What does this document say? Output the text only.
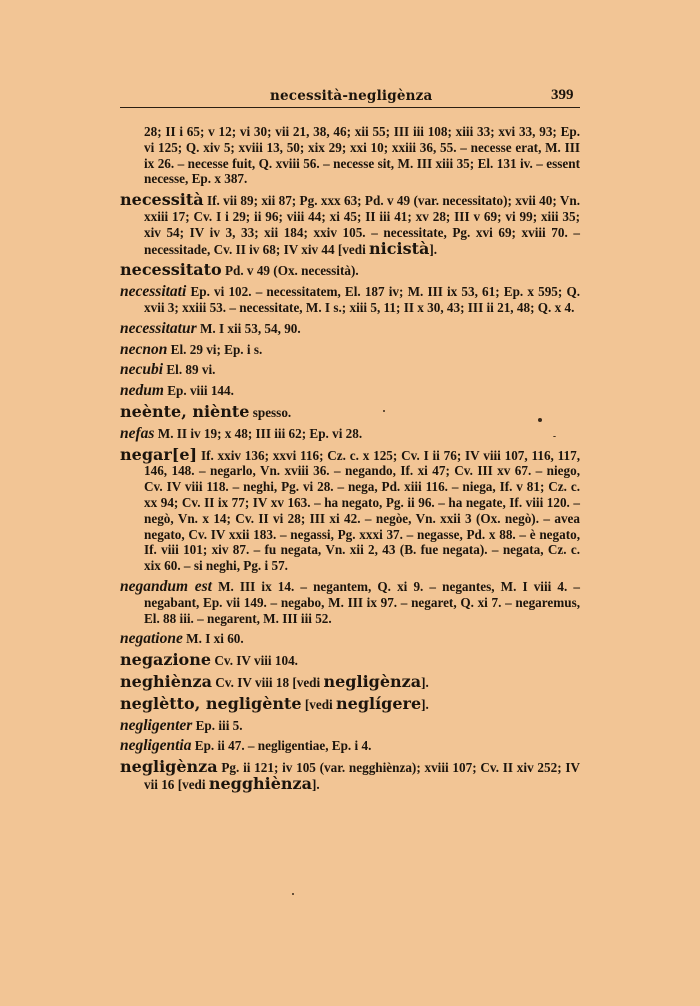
necessità-negligènza	399
28; II i 65; v 12; vi 30; vii 21, 38, 46; xii 55; III iii 108; xiii 33; xvi 33, 93; Ep. vi 125; Q. xiv 5; xviii 13, 50; xix 29; xxi 10; xxiii 36, 55. – necesse erat, M. III ix 26. – necesse fuit, Q. xviii 56. – necesse sit, M. III xiii 35; El. 131 iv. – essent necesse, Ep. x 387.
necessità If. vii 89; xii 87; Pg. xxx 63; Pd. v 49 (var. necessitato); xvii 40; Vn. xxiii 17; Cv. I i 29; ii 96; viii 44; xi 45; II iii 41; xv 28; III v 69; vi 99; xiii 35; xiv 54; IV iv 3, 33; xii 184; xxiv 105. – necessitate, Pg. xvi 69; xviii 70. – necessitade, Cv. II iv 68; IV xiv 44 [vedi nicistà].
necessitato Pd. v 49 (Ox. necessità).
necessitati Ep. vi 102. – necessitatem, El. 187 iv; M. III ix 53, 61; Ep. x 595; Q. xvii 3; xxiii 53. – necessitate, M. I s.; xiii 5, 11; II x 30, 43; III ii 21, 48; Q. x 4.
necessitatur M. I xii 53, 54, 90.
necnon El. 29 vi; Ep. i s.
necubi El. 89 vi.
nedum Ep. viii 144.
neènte, niènte spesso.
nefas M. II iv 19; x 48; III iii 62; Ep. vi 28.
negar[e] If. xxiv 136; xxvi 116; Cz. c. x 125; Cv. I ii 76; IV viii 107, 116, 117, 146, 148. – negarlo, Vn. xviii 36. – negando, If. xi 47; Cv. III xv 67. – niego, Cv. IV viii 118. – neghi, Pg. vi 28. – nega, Pd. xiii 116. – niega, If. v 81; Cz. c. xx 94; Cv. II ix 77; IV xv 163. – ha negato, Pg. ii 96. – ha negate, If. viii 120. – negò, Vn. x 14; Cv. II vi 28; III xi 42. – negòe, Vn. xxii 3 (Ox. negò). – avea negato, Cv. IV xxii 183. – negassi, Pg. xxxi 37. – negasse, Pd. x 88. – è negato, If. viii 101; xiv 87. – fu negata, Vn. xii 2, 43 (B. fue negata). – negata, Cz. c. xix 60. – si neghi, Pg. i 57.
negandum est M. III ix 14. – negantem, Q. xi 9. – negantes, M. I viii 4. – negabant, Ep. vii 149. – negabo, M. III ix 97. – negaret, Q. xi 7. – negaremus, El. 88 iii. – negarent, M. III iii 52.
negatione M. I xi 60.
negazione Cv. IV viii 104.
neghiènza Cv. IV viii 18 [vedi negligènza].
neglètto, negligènte [vedi neglígere].
negligenter Ep. iii 5.
negligentia Ep. ii 47. – negligentiae, Ep. i 4.
negligènza Pg. ii 121; iv 105 (var. negghiènza); xviii 107; Cv. II xiv 252; IV vii 16 [vedi negghiènza].
